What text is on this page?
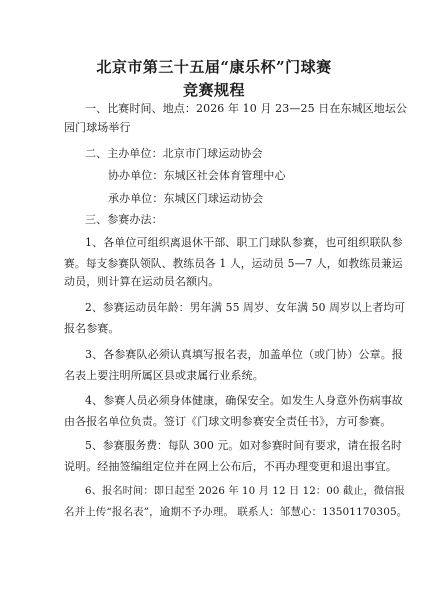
北京市第三十五届“康乐杯”门球赛
竞赛规程
一、比赛时间、地点：2026 年 10 月 23—25 日在东城区地坛公
园门球场举行
二、主办单位：北京市门球运动协会
协办单位：东城区社会体育管理中心
承办单位：东城区门球运动协会
三、参赛办法：
1、各单位可组织离退休干部、职工门球队参赛，也可组织联队参
赛。每支参赛队领队、教练员各 1 人，运动员 5—7 人，如教练员兼运
动员，则计算在运动员名额内。
2、参赛运动员年龄：男年满 55 周岁、女年满 50 周岁以上者均可
报名参赛。
3、各参赛队必须认真填写报名表，加盖单位（或门协）公章。报
名表上要注明所属区县或隶属行业系统。
4、参赛人员必须身体健康，确保安全。如发生人身意外伤病事故
由各报名单位负责。签订《门球文明参赛安全责任书》，方可参赛。
5、参赛服务费：每队 300 元。如对参赛时间有要求，请在报名时
说明。经抽签编组定位并在网上公布后，不再办理变更和退出事宜。
6、报名时间：即日起至 2026 年 10 月 12 日 12：00 截止，微信报
名并上传“报名表”，逾期不予办理。 联系人：邹慧心：13501170305。
